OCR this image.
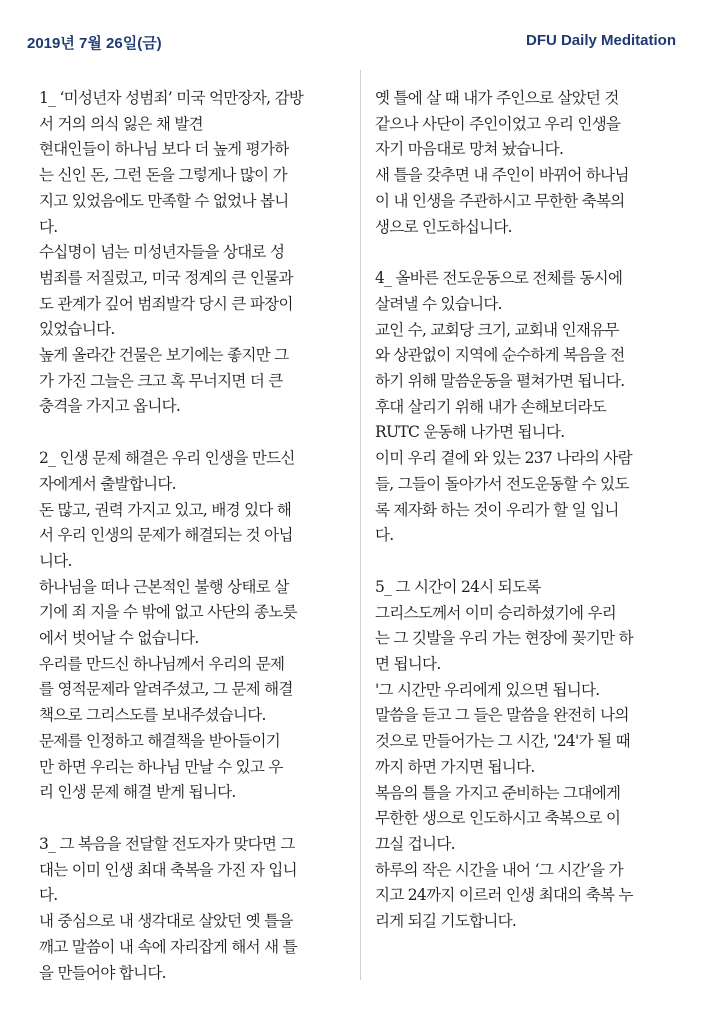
2019년 7월 26일(금)	DFU Daily Meditation
1_ ‘미성년자 성범죄’ 미국 억만장자, 감방
서 거의 의식 잃은 채 발견
현대인들이 하나님 보다 더 높게 평가하
는 신인 돈, 그런 돈을 그렇게나 많이 가
지고 있었음에도 만족할 수 없었나 봅니
다.
수십명이 넘는 미성년자들을 상대로 성
범죄를 저질렀고, 미국 정계의 큰 인물과
도 관계가 깊어 범죄발각 당시 큰 파장이
있었습니다.
높게 올라간 건물은 보기에는 좋지만 그
가 가진 그늘은 크고 혹 무너지면 더 큰
충격을 가지고 옵니다.
2_ 인생 문제 해결은 우리 인생을 만드신
자에게서 출발합니다.
돈 많고, 권력 가지고 있고, 배경 있다 해
서 우리 인생의 문제가 해결되는 것 아닙
니다.
하나님을 떠나 근본적인 불행 상태로 살
기에 죄 지을 수 밖에 없고 사단의 종노릇
에서 벗어날 수 없습니다.
우리를 만드신 하나님께서 우리의 문제
를 영적문제라 알려주셨고, 그 문제 해결
책으로 그리스도를 보내주셨습니다.
문제를 인정하고 해결책을 받아들이기
만 하면 우리는 하나님 만날 수 있고 우
리 인생 문제 해결 받게 됩니다.
3_ 그 복음을 전달할 전도자가 맞다면 그
대는 이미 인생 최대 축복을 가진 자 입니
다.
내 중심으로 내 생각대로 살았던 옛 틀을
깨고 말씀이 내 속에 자리잡게 해서 새 틀
을 만들어야 합니다.
옛 틀에 살 때 내가 주인으로 살았던 것
같으나 사단이 주인이었고 우리 인생을
자기 마음대로 망쳐 놨습니다.
새 틀을 갖추면 내 주인이 바뀌어 하나님
이 내 인생을 주관하시고 무한한 축복의
생으로 인도하십니다.
4_ 올바른 전도운동으로 전체를 동시에
살려낼 수 있습니다.
교인 수, 교회당 크기, 교회내 인재유무
와 상관없이 지역에 순수하게 복음을 전
하기 위해 말씀운동을 펼쳐가면 됩니다.
후대 살리기 위해 내가 손해보더라도
RUTC 운동해 나가면 됩니다.
이미 우리 곁에 와 있는 237 나라의 사람
들, 그들이 돌아가서 전도운동할 수 있도
록 제자화 하는 것이 우리가 할 일 입니
다.
5_ 그 시간이 24시 되도록
그리스도께서 이미 승리하셨기에 우리
는 그 깃발을 우리 가는 현장에 꽂기만 하
면 됩니다.
'그 시간만 우리에게 있으면 됩니다.
말씀을 듣고 그 들은 말씀을 완전히 나의
것으로 만들어가는 그 시간, '24'가 될 때
까지 하면 가지면 됩니다.
복음의 틀을 가지고 준비하는 그대에게
무한한 생으로 인도하시고 축복으로 이
끄실 겁니다.
하루의 작은 시간을 내어 ‘그 시간’을 가
지고 24까지 이르러 인생 최대의 축복 누
리게 되길 기도합니다.
